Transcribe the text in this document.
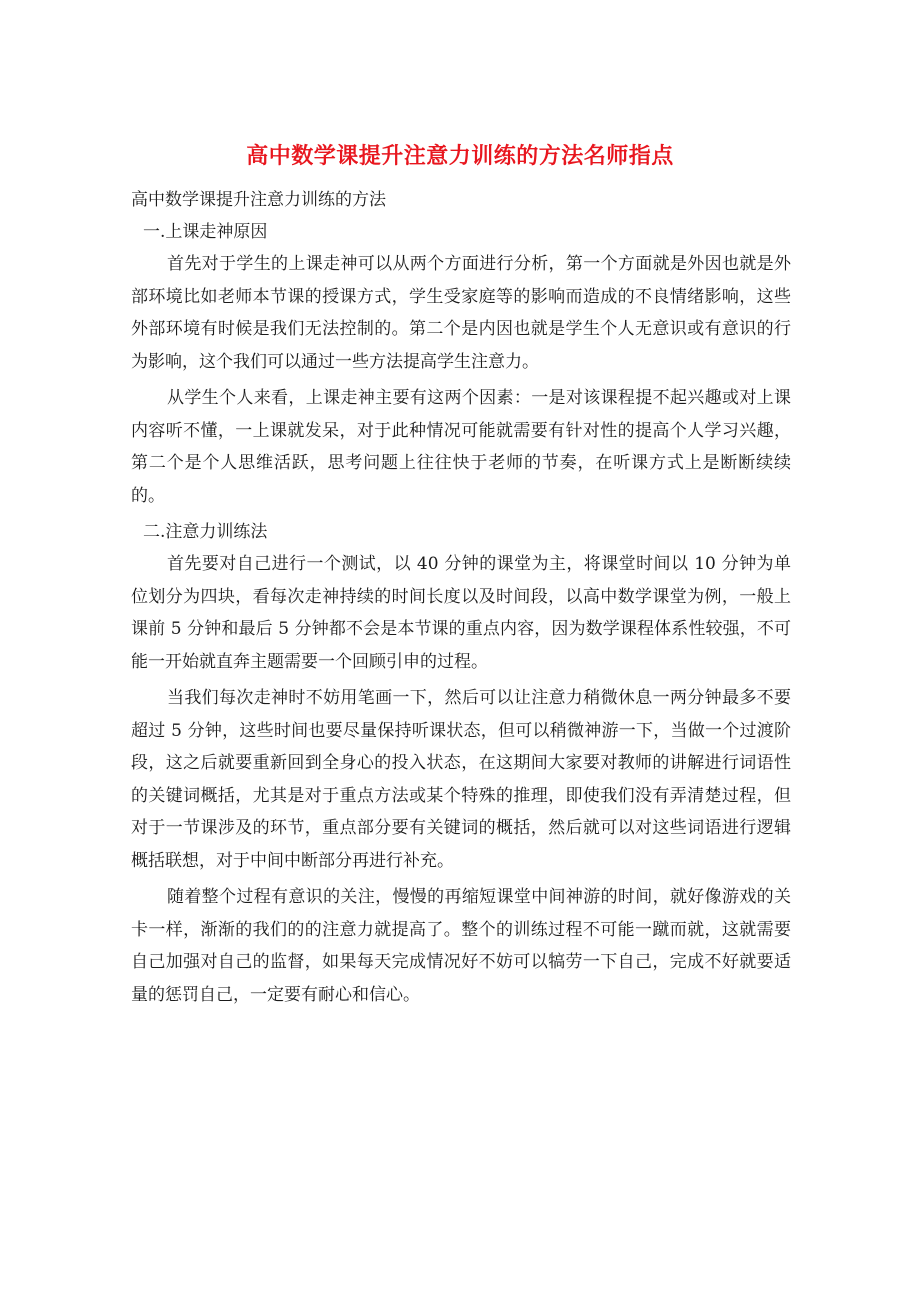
高中数学课提升注意力训练的方法名师指点

高中数学课提升注意力训练的方法

一.上课走神原因

首先对于学生的上课走神可以从两个方面进行分析，第一个方面就是外因也就是外部环境比如老师本节课的授课方式，学生受家庭等的影响而造成的不良情绪影响，这些外部环境有时候是我们无法控制的。第二个是内因也就是学生个人无意识或有意识的行为影响，这个我们可以通过一些方法提高学生注意力。

从学生个人来看，上课走神主要有这两个因素：一是对该课程提不起兴趣或对上课内容听不懂，一上课就发呆，对于此种情况可能就需要有针对性的提高个人学习兴趣，第二个是个人思维活跃，思考问题上往往快于老师的节奏，在听课方式上是断断续续的。

二.注意力训练法

首先要对自己进行一个测试，以 40 分钟的课堂为主，将课堂时间以 10 分钟为单位划分为四块，看每次走神持续的时间长度以及时间段，以高中数学课堂为例，一般上课前 5 分钟和最后 5 分钟都不会是本节课的重点内容，因为数学课程体系性较强，不可能一开始就直奔主题需要一个回顾引申的过程。

当我们每次走神时不妨用笔画一下，然后可以让注意力稍微休息一两分钟最多不要超过 5 分钟，这些时间也要尽量保持听课状态，但可以稍微神游一下，当做一个过渡阶段，这之后就要重新回到全身心的投入状态，在这期间大家要对教师的讲解进行词语性的关键词概括，尤其是对于重点方法或某个特殊的推理，即使我们没有弄清楚过程，但对于一节课涉及的环节，重点部分要有关键词的概括，然后就可以对这些词语进行逻辑概括联想，对于中间中断部分再进行补充。

随着整个过程有意识的关注，慢慢的再缩短课堂中间神游的时间，就好像游戏的关卡一样，渐渐的我们的的注意力就提高了。整个的训练过程不可能一蹴而就，这就需要自己加强对自己的监督，如果每天完成情况好不妨可以犒劳一下自己，完成不好就要适量的惩罚自己，一定要有耐心和信心。
